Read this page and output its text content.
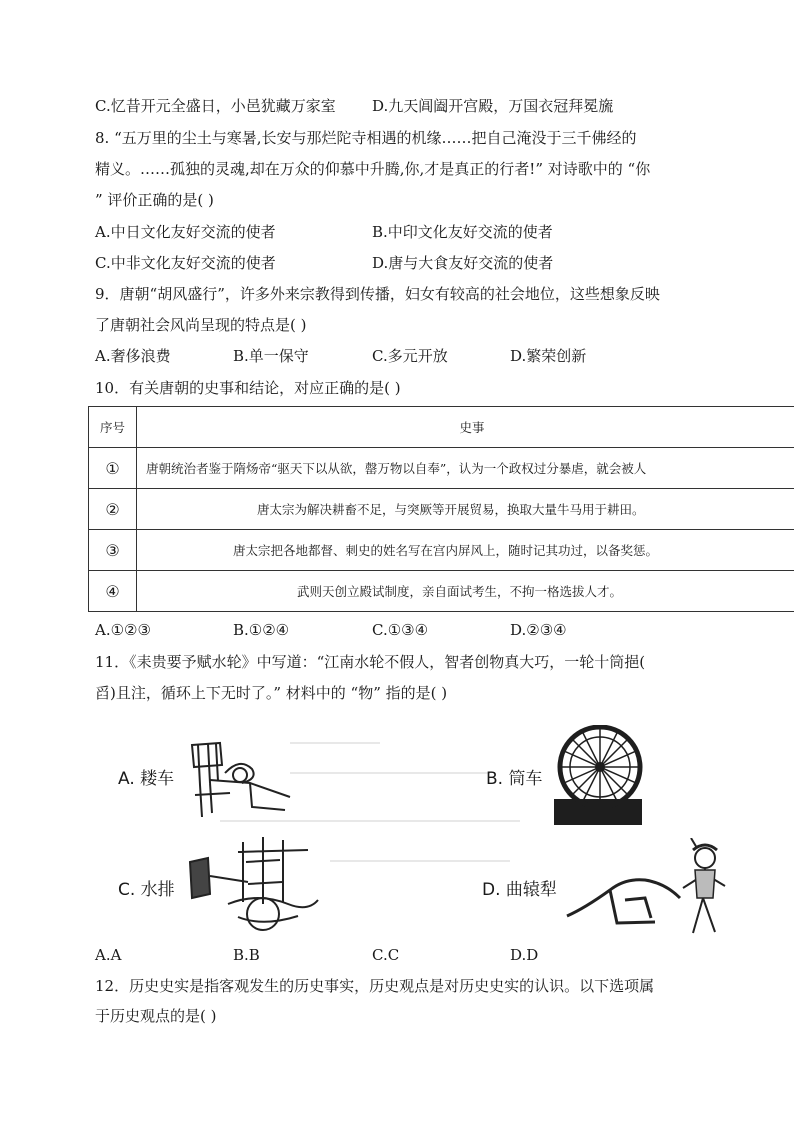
C.忆昔开元全盛日，小邑犹藏万家室 D.九天阊阖开宫殿，万国衣冠拜冕旒
8. “五万里的尘土与寒暑,长安与那烂陀寺相遇的机缘……把自己淹没于三千佛经的
精义。……孤独的灵魂,却在万众的仰慕中升腾,你,才是真正的行者!” 对诗歌中的 “你
” 评价正确的是( )
A.中日文化友好交流的使者	B.中印文化友好交流的使者
C.中非文化友好交流的使者	D.唐与大食友好交流的使者
9．唐朝“胡风盛行”，许多外来宗教得到传播，妇女有较高的社会地位，这些想象反映
了唐朝社会风尚呈现的特点是( )
A.奢侈浪费	B.单一保守	C.多元开放	D.繁荣创新
10．有关唐朝的史事和结论，对应正确的是( )
序号	史事
①	唐朝统治者鉴于隋炀帝“驱天下以从欲，罄万物以自奉”，认为一个政权过分暴虐，就会被人
②	唐太宗为解决耕畜不足，与突厥等开展贸易，换取大量牛马用于耕田。
③	唐太宗把各地都督、刺史的姓名写在宫内屏风上，随时记其功过，以备奖惩。
④	武则天创立殿试制度，亲自面试考生，不拘一格选拔人才。
A.①②③	B.①②④	C.①③④	D.②③④
11．《耒贵要予赋水轮》中写道：“江南水轮不假人，智者创物真大巧，一轮十筒挹(
舀)且注，循环上下无时了。” 材料中的 “物” 指的是( )
A. 耧车	B. 筒车
C. 水排	D. 曲辕犁
A.A	B.B	C.C	D.D
12．历史史实是指客观发生的历史事实，历史观点是对历史史实的认识。以下选项属
于历史观点的是( )
